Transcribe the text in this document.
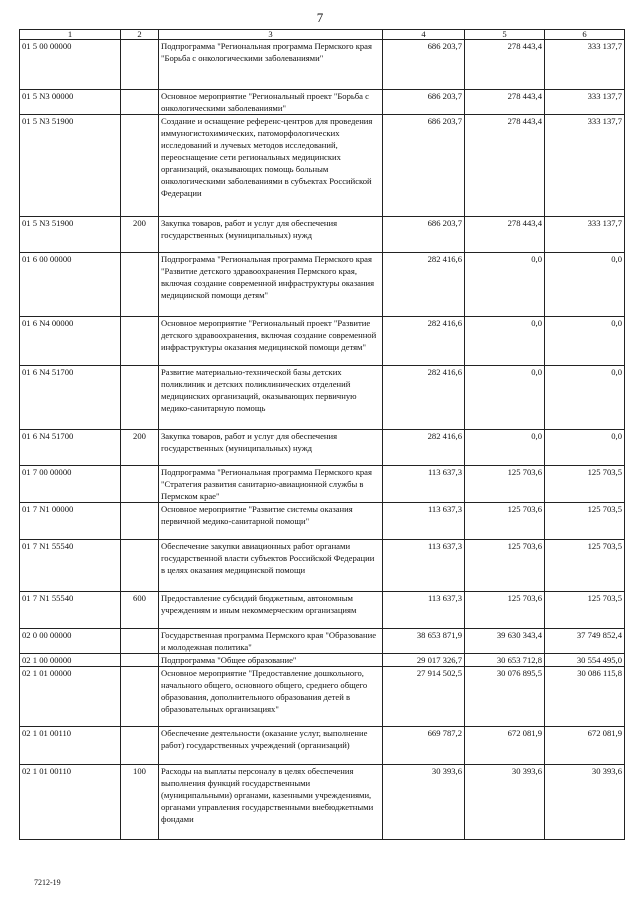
7
1	2	3	4	5	6
01 5 00 00000		Подпрограмма "Региональная программа Пермского края "Борьба с онкологическими заболеваниями"	686 203,7	278 443,4	333 137,7
01 5 N3 00000		Основное мероприятие "Региональный проект "Борьба с онкологическими заболеваниями"	686 203,7	278 443,4	333 137,7
01 5 N3 51900		Создание и оснащение референс-центров для проведения иммуногистохимических, патоморфологических исследований и лучевых методов исследований, переоснащение сети региональных медицинских организаций, оказывающих помощь больным онкологическими заболеваниями в субъектах Российской Федерации	686 203,7	278 443,4	333 137,7
01 5 N3 51900	200	Закупка товаров, работ и услуг для обеспечения государственных (муниципальных) нужд	686 203,7	278 443,4	333 137,7
01 6 00 00000		Подпрограмма "Региональная программа Пермского края "Развитие детского здравоохранения Пермского края, включая создание современной инфраструктуры оказания медицинской помощи детям"	282 416,6	0,0	0,0
01 6 N4 00000		Основное мероприятие "Региональный проект "Развитие детского здравоохранения, включая создание современной инфраструктуры оказания медицинской помощи детям"	282 416,6	0,0	0,0
01 6 N4 51700		Развитие материально-технической базы детских поликлиник и детских поликлинических отделений медицинских организаций, оказывающих первичную медико-санитарную помощь	282 416,6	0,0	0,0
01 6 N4 51700	200	Закупка товаров, работ и услуг для обеспечения государственных (муниципальных) нужд	282 416,6	0,0	0,0
01 7 00 00000		Подпрограмма "Региональная программа Пермского края "Стратегия развития санитарно-авиационной службы в Пермском крае"	113 637,3	125 703,6	125 703,5
01 7 N1 00000		Основное мероприятие "Развитие системы оказания первичной медико-санитарной помощи"	113 637,3	125 703,6	125 703,5
01 7 N1 55540		Обеспечение закупки авиационных работ органами государственной власти субъектов Российской Федерации в целях оказания медицинской помощи	113 637,3	125 703,6	125 703,5
01 7 N1 55540	600	Предоставление субсидий бюджетным, автономным учреждениям и иным некоммерческим организациям	113 637,3	125 703,6	125 703,5
02 0 00 00000		Государственная программа Пермского края "Образование и молодежная политика"	38 653 871,9	39 630 343,4	37 749 852,4
02 1 00 00000		Подпрограмма "Общее образование"	29 017 326,7	30 653 712,8	30 554 495,0
02 1 01 00000		Основное мероприятие "Предоставление дошкольного, начального общего, основного общего, среднего общего образования, дополнительного образования детей в образовательных организациях"	27 914 502,5	30 076 895,5	30 086 115,8
02 1 01 00110		Обеспечение деятельности (оказание услуг, выполнение работ) государственных учреждений (организаций)	669 787,2	672 081,9	672 081,9
02 1 01 00110	100	Расходы на выплаты персоналу в целях обеспечения выполнения функций государственными (муниципальными) органами, казенными учреждениями, органами управления государственными внебюджетными фондами	30 393,6	30 393,6	30 393,6
7212-19
